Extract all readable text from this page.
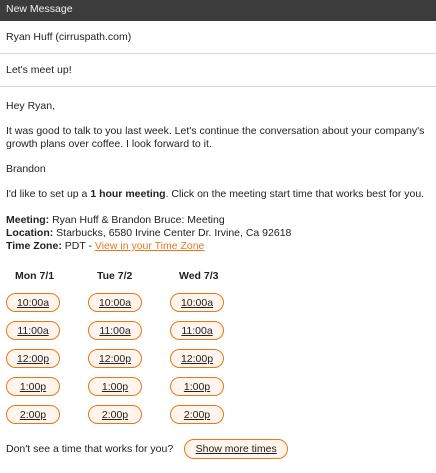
New Message
Ryan Huff (cirruspath.com)
Let's meet up!
Hey Ryan,
It was good to talk to you last week. Let's continue the conversation about your company's growth plans over coffee. I look forward to it.
Brandon
I'd like to set up a 1 hour meeting. Click on the meeting start time that works best for you.
Meeting: Ryan Huff & Brandon Bruce: Meeting
Location: Starbucks, 6580 Irvine Center Dr. Irvine, Ca 92618
Time Zone: PDT - View in your Time Zone
Mon 7/1
10:00a
11:00a
12:00p
1:00p
2:00p
Tue 7/2
10:00a
11:00a
12:00p
1:00p
2:00p
Wed 7/3
10:00a
11:00a
12:00p
1:00p
2:00p
Don't see a time that works for you?	Show more times
